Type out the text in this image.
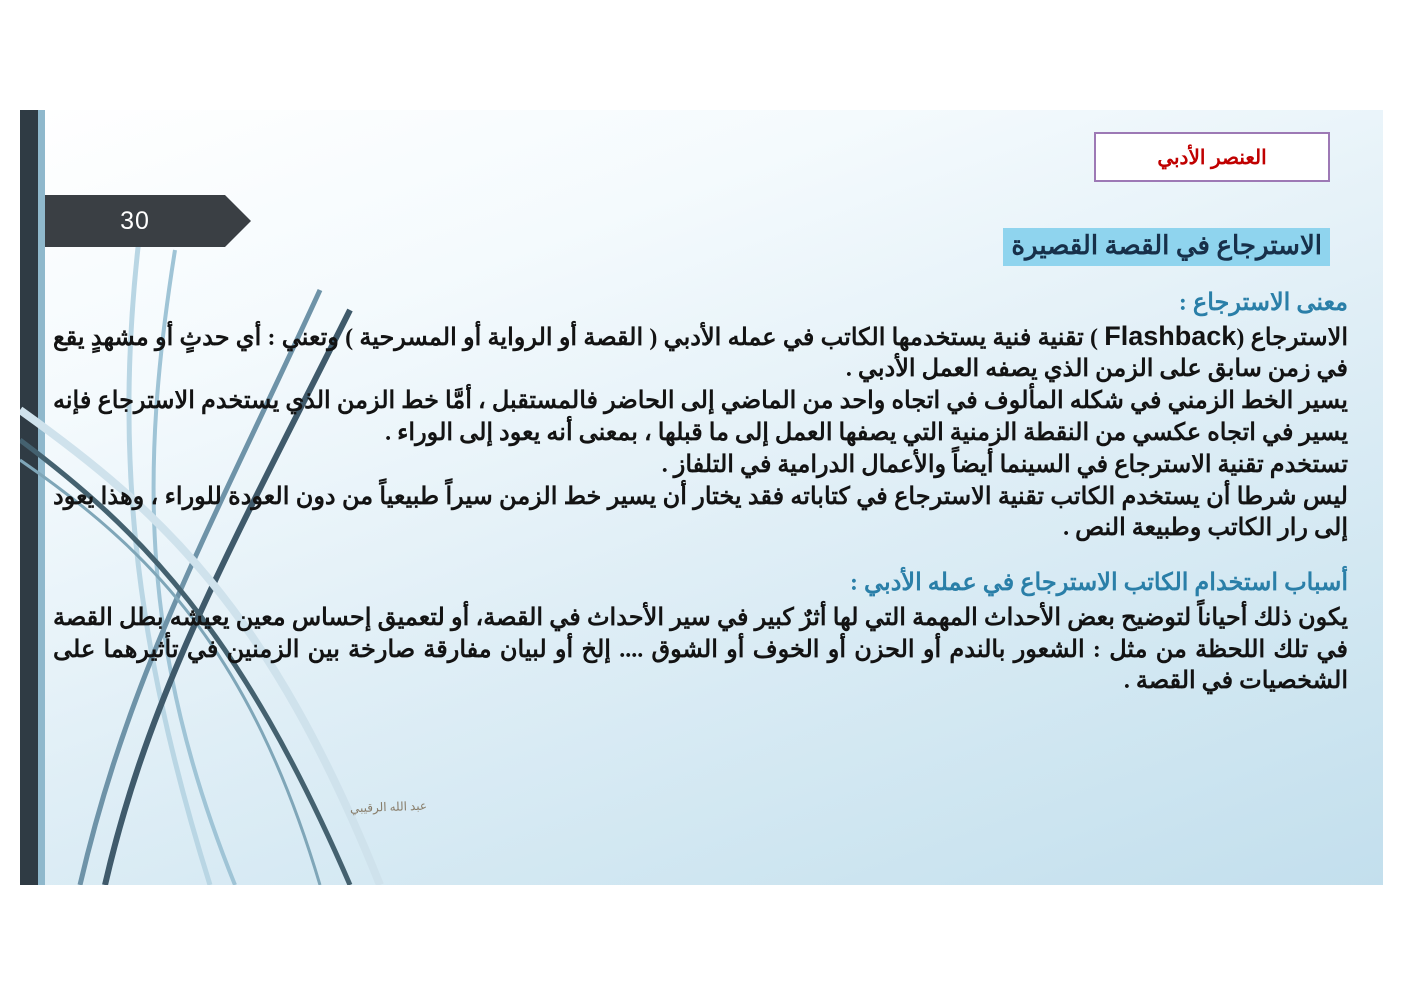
30
العنصر الأدبي
الاسترجاع في القصة القصيرة

معنى الاسترجاع :

الاسترجاع (Flashback ) تقنية فنية يستخدمها الكاتب في عمله الأدبي ( القصة أو الرواية أو المسرحية ) وتعني : أي حدثٍ أو مشهدٍ يقع في زمن سابق على الزمن الذي يصفه العمل الأدبي .

يسير الخط الزمني في شكله المألوف في اتجاه واحد من الماضي إلى الحاضر فالمستقبل ، أمَّا خط الزمن الذي يستخدم الاسترجاع فإنه يسير في اتجاه عكسي من النقطة الزمنية التي يصفها العمل إلى ما قبلها ، بمعنى أنه يعود إلى الوراء .

تستخدم تقنية الاسترجاع في السينما أيضاً والأعمال الدرامية في التلفاز .

ليس شرطا أن يستخدم الكاتب تقنية الاسترجاع في كتاباته فقد يختار أن يسير خط الزمن سيراً طبيعياً من دون العودة للوراء ، وهذا يعود إلى رار الكاتب وطبيعة النص .

أسباب استخدام الكاتب الاسترجاع في عمله الأدبي :

يكون ذلك أحياناً لتوضيح بعض الأحداث المهمة التي لها أثرٌ كبير في سير الأحداث في القصة، أو لتعميق إحساس معين يعيشه بطل القصة في تلك اللحظة من مثل : الشعور بالندم أو الحزن أو الخوف أو الشوق .... إلخ أو لبيان مفارقة صارخة بين الزمنين في تأثيرهما على الشخصيات في القصة .

عبد الله الرقيبي
